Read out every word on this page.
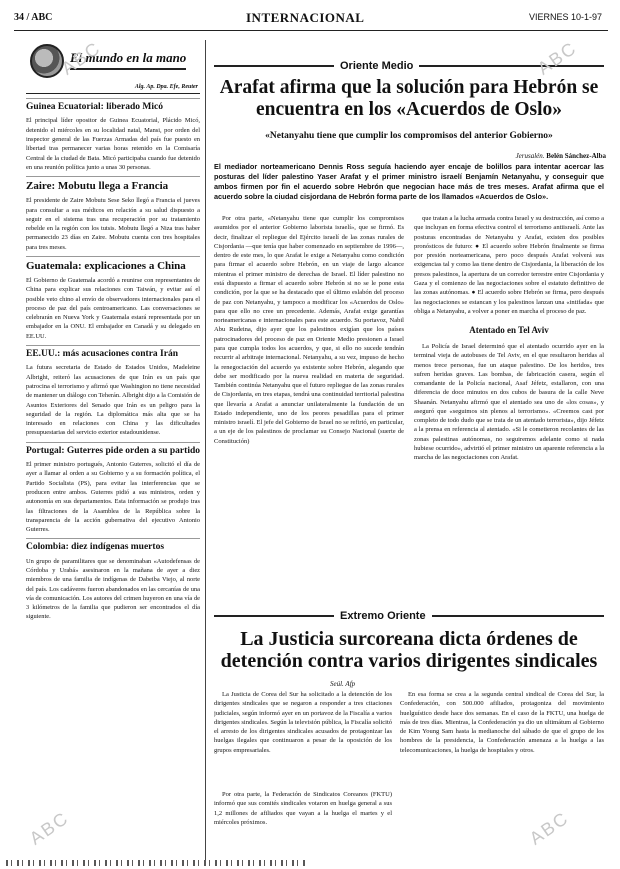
34 / ABC	INTERNACIONAL	VIERNES 10-1-97
El mundo en la mano
Alg. Ap. Dpa. Efe, Reuter
Guinea Ecuatorial: liberado Micó

El principal líder opositor de Guinea Ecuatorial, Plácido Micó, detenido el miércoles en su localidad natal, Mansi, por orden del inspector general de las Fuerzas Armadas del país fue puesto en libertad tras permanecer varias horas retenido en la Comisaría Central de la ciudad de Bata. Micó participaba cuando fue detenido en una reunión política junto a unas 30 personas.

Zaire: Mobutu llega a Francia

El presidente de Zaire Mobutu Sese Seko llegó a Francia el jueves para consultar a sus médicos en relación a su salud dispuesto a seguir en el sistema tras una recuperación por su tratamiento rebelde en la región con los tutsis. Mobutu llegó a Niza tras haber permanecido 23 días en Zaire. Mobutu cuenta con tres hospitales para tres meses.

Guatemala: explicaciones a China

El Gobierno de Guatemala acordó a reunirse con representantes de China para explicar sus relaciones con Taiwán, y evitar así el posible veto chino al envío de observadores internacionales para el proceso de paz del país centroamericano. Las conversaciones se celebrarán en Nueva York y Guatemala estará representada por un embajador en la ONU. El embajador en Canadá y su delegado en EE.UU.

EE.UU.: más acusaciones contra Irán

La futura secretaria de Estado de Estados Unidos, Madeleine Albright, reiteró las acusaciones de que Irán es un país que patrocina el terrorismo y afirmó que Washington no tiene necesidad de mantener un diálogo con Teherán. Albright dijo a la Comisión de Asuntos Exteriores del Senado que Irán es un peligro para la seguridad de la región. La diplomática más alta que se ha interesado en relaciones con China y las dificultades presupuestarias del servicio exterior estadounidense.

Portugal: Guterres pide orden a su partido

El primer ministro portugués, Antonio Guterres, solicitó el día de ayer a llamar al orden a su Gobierno y a su formación política, el Partido Socialista (PS), para evitar las interferencias que se producen entre ambos. Guterres pidió a sus ministros, orden y autonomía en sus departamentos. Esta información se produjo tras las filtraciones de la Asamblea de la República sobre la transparencia de la acción gubernativa del ejecutivo Antonio Guterres.

Colombia: diez indígenas muertos

Un grupo de paramilitares que se denominaban «Autodefensas de Córdoba y Urabá» asesinaron en la mañana de ayer a diez miembros de una familia de indígenas de Dabeiba Viejo, al norte del país. Los cadáveres fueron abandonados en las cercanías de una vía de comunicación. Los autores del crimen huyeron en una vía de 3 kilómetros de la familia que pudieron ser encontrados el día siguiente.

Oriente Medio
Arafat afirma que la solución para Hebrón se encuentra en los «Acuerdos de Oslo»
«Netanyahu tiene que cumplir los compromisos del anterior Gobierno»
Jerusalén. Belén Sánchez-Alba
El mediador norteamericano Dennis Ross seguía haciendo ayer encaje de bolillos para intentar acercar las posturas del líder palestino Yaser Arafat y el primer ministro israelí Benjamín Netanyahu, y conseguir que ambos firmen por fin el acuerdo sobre Hebrón que negocian hace más de tres meses. Arafat afirma que el acuerdo sobre la ciudad cisjordana de Hebrón forma parte de los llamados «Acuerdos de Oslo».

Por otra parte, «Netanyahu tiene que cumplir los compromisos asumidos por el anterior Gobierno laborista israelí», que se firmó. Es decir, finalizar el repliegue del Ejército israelí de las zonas rurales de Cisjordania —que tenía que haber comenzado en septiembre de 1996—, dentro de este mes, lo que Arafat le exige a Netanyahu como condición para firmar el acuerdo sobre Hebrón, en un viaje de largo alcance mientras el primer ministro de derechas de Israel. El líder palestino no está dispuesto a firmar el acuerdo sobre Hebrón si no se le pone esta condición, por la que se ha destacado que el último eslabón del proceso de paz con Netanyahu, y tampoco a modificar los «Acuerdos de Oslo» para que ello no cree un precedente. Además, Arafat exige garantías norteamericanas e internacionales para este acuerdo. Su portavoz, Nabil Abu Rudeina, dijo ayer que los palestinos exigían que los países patrocinadores del proceso de paz en Oriente Medio presionen a Israel para que cumpla todos los acuerdos, y que, si ello no sucede tendrán recurrir al arbitraje internacional. Netanyahu, a su vez, impuso de hecho la renegociación del acuerdo ya existente sobre Hebrón, alegando que debe ser modificado por la nueva realidad en materia de seguridad. También continúa Netanyahu que el futuro repliegue de las zonas rurales de Cisjordania, en tres etapas, tendrá una continuidad territorial palestina que llevaría a Arafat a anunciar unilateralmente la fundación de un Estado independiente, uno de los peores pesadillas para el primer ministro israelí. El jefe del Gobierno de Israel no se refirió, en particular, a un eje de los palestinos de proclamar su Consejo Nacional (suerte de Constitución)

que tratan a la lucha armada contra Israel y su destrucción, así como a que incluyan en forma efectiva control el terrorismo antiisraelí. Ante las posturas encontradas de Netanyahu y Arafat, existen dos posibles pronósticos de futuro: ● El acuerdo sobre Hebrón finalmente se firma por presión norteamericana, pero poco después Arafat volverá sus exigencias tal y como las tiene dentro de Cisjordania, la liberación de los presos palestinos, la apertura de un corredor terrestre entre Cisjordania y Gaza y el comienzo de las negociaciones sobre el estatuto definitivo de las zonas autónomas. ● El acuerdo sobre Hebrón se firma, pero después las negociaciones se estancan y los palestinos lanzan una «intifada» que obliga a Netanyahu, a volver a poner en marcha el proceso de paz.

Atentado en Tel Aviv

La Policía de Israel determinó que el atentado ocurrido ayer en la terminal vieja de autobuses de Tel Aviv, en el que resultaron heridas al menos trece personas, fue un ataque palestino. De los heridos, tres sufren heridas graves. Las bombas, de fabricación casera, según el comandante de la Policía nacional, Asaf Jéfetz, estallaron, con una diferencia de doce minutos en dos cubos de basura de la calle Neve Shaanán. Netanyahu afirmó que el atentado sea uno de «los cosas», y aseguró que «seguimos sin plenos al terrorismo». «Creemos cast por completo de todo dudo que se trata de un atentado terrorista», dijo Jéfetz a la prensa en referencia al atentado. «Si le cometieron recolantes de las zonas palestinas autónomas, no seguiremos adelante como si nada hubiese ocurrido», advirtió el primer ministro un aparente referencia a la marcha de las negociaciones con Arafat.

Extremo Oriente
La Justicia surcoreana dicta órdenes de detención contra varios dirigentes sindicales
Seúl. Afp

La Justicia de Corea del Sur ha solicitado a la detención de los dirigentes sindicales que se negaron a responder a tres citaciones judiciales, según informó ayer en un portavoz de la Fiscalía a varios dirigentes sindicales. Según la televisión pública, la Fiscalía solicitó el arresto de los dirigentes sindicales acusados de protagonizar las huelgas ilegales que continuaron a pesar de la oposición de los grupos empresariales.

En esa forma se crea a la segunda central sindical de Corea del Sur, la Confederación, con 500.000 afiliados, protagoniza del movimiento huelguístico desde hace dos semanas. En el caso de la FKTU, una huelga de más de tres días. Mientras, la Confederación ya dio un ultimátum al Gobierno de Kim Young Sam hasta la medianoche del sábado de que el grupo de los hombres de la presidencia, la Confederación amenaza a la huelga a las telecomunicaciones, la huelga de hospitales y otros.

Por otra parte, la Federación de Sindicatos Coreanos (FKTU) informó que sus comités sindicales votaron en huelga general a sus 1,2 millones de afiliados que vayan a la huelga el martes y el miércoles próximos.

ABC	ABC
ABC	ABC
